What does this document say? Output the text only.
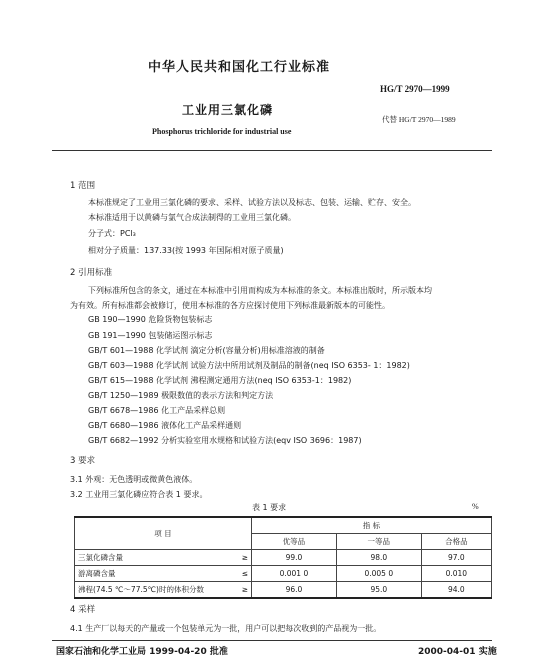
中华人民共和国化工行业标准
HG/T 2970—1999
工业用三氯化磷
Phosphorus trichloride for industrial use
代替 HG/T 2970—1989
1 范围
本标准规定了工业用三氯化磷的要求、采样、试验方法以及标志、包装、运输、贮存、安全。
本标准适用于以黄磷与氯气合成法制得的工业用三氯化磷。
分子式：PCl₃
相对分子质量：137.33(按 1993 年国际相对原子质量)
2 引用标准
下列标准所包含的条文，通过在本标准中引用而构成为本标准的条文。本标准出版时，所示版本均
为有效。所有标准都会被修订，使用本标准的各方应探讨使用下列标准最新版本的可能性。
GB 190—1990 危险货物包装标志
GB 191—1990 包装储运图示标志
GB/T 601—1988 化学试剂 滴定分析(容量分析)用标准溶液的制备
GB/T 603—1988 化学试剂 试验方法中所用试剂及制品的制备(neq ISO 6353- 1：1982)
GB/T 615—1988 化学试剂 沸程测定通用方法(neq ISO 6353-1：1982)
GB/T 1250—1989 极限数值的表示方法和判定方法
GB/T 6678—1986 化工产品采样总则
GB/T 6680—1986 液体化工产品采样通则
GB/T 6682—1992 分析实验室用水规格和试验方法(eqv ISO 3696：1987)
3 要求
3.1 外观：无色透明或微黄色液体。
3.2 工业用三氯化磷应符合表 1 要求。
表 1 要求	%
项 目		指 标		
		优等品	一等品	合格品
三氯化磷含量	≥	99.0	98.0	97.0
游离磷含量	≤	0.001 0	0.005 0	0.010
沸程(74.5 ℃～77.5℃)时的体积分数	≥	96.0	95.0	94.0
4 采样
4.1 生产厂以每天的产量或一个包装单元为一批，用户可以把每次收到的产品视为一批。
国家石油和化学工业局 1999-04-20 批准	2000-04-01 实施
